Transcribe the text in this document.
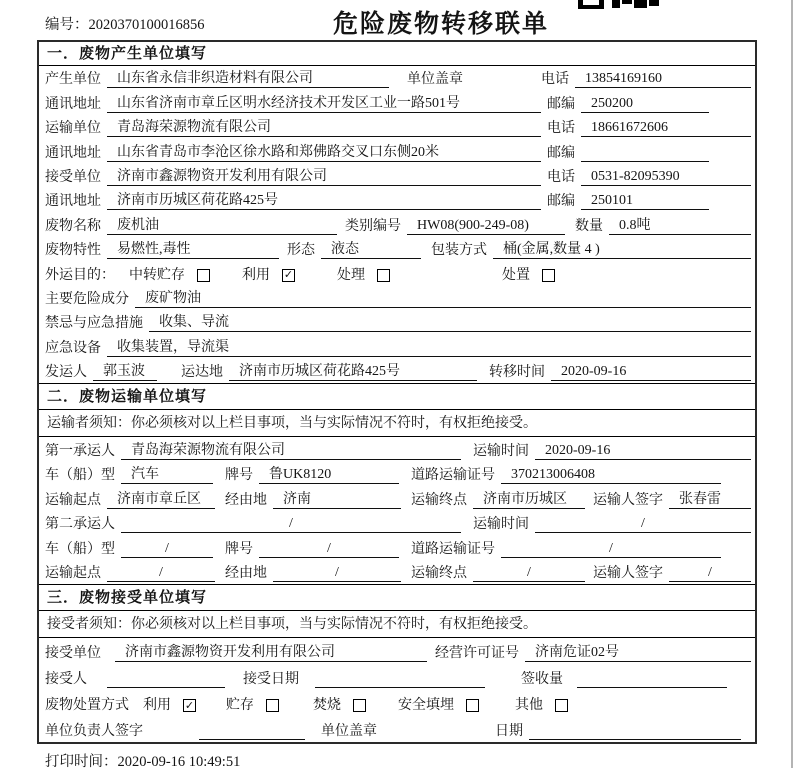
编号：2020370100016856	危险废物转移联单
一．废物产生单位填写
产生单位 山东省永信非织造材料有限公司	单位盖章	电话 13854169160
通讯地址 山东省济南市章丘区明水经济技术开发区工业一路501号	邮编 250200
运输单位 青岛海荣源物流有限公司	电话 18661672606
通讯地址 山东省青岛市李沧区徐水路和郑佛路交叉口东侧20米	邮编
接受单位 济南市鑫源物资开发利用有限公司	电话 0531-82095390
通讯地址 济南市历城区荷花路425号	邮编 250101
废物名称 废机油	类别编号 HW08(900-249-08)	数量 0.8吨
废物特性 易燃性,毒性	形态 液态	包装方式 桶(金属,数量 4 )
外运目的： 中转贮存	利用 ✓	处理	处置
主要危险成分 废矿物油
禁忌与应急措施 收集、导流
应急设备 收集装置，导流渠
发运人 郭玉波	运达地 济南市历城区荷花路425号	转移时间 2020-09-16
二．废物运输单位填写
运输者须知：你必须核对以上栏目事项，当与实际情况不符时，有权拒绝接受。
第一承运人 青岛海荣源物流有限公司	运输时间 2020-09-16
车（船）型 汽车	牌号 鲁UK8120	道路运输证号 370213006408
运输起点 济南市章丘区 经由地 济南	运输终点 济南市历城区 运输人签字 张春雷
第二承运人	/	运输时间	/
车（船）型	/	牌号	/	道路运输证号	/
运输起点	/	经由地	/	运输终点	/	运输人签字	/
三．废物接受单位填写
接受者须知：你必须核对以上栏目事项，当与实际情况不符时，有权拒绝接受。
接受单位 济南市鑫源物资开发利用有限公司	经营许可证号 济南危证02号
接受人	接受日期	签收量
废物处置方式 利用 ✓ 贮存	焚烧	安全填埋	其他
单位负责人签字	单位盖章	日期
打印时间：2020-09-16 10:49:51
